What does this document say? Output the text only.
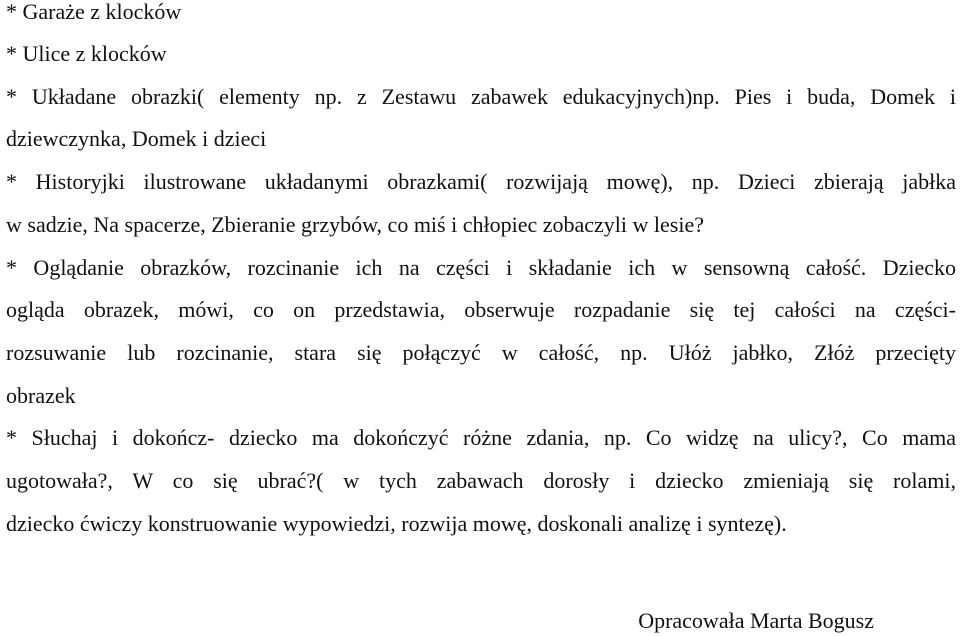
* Garaże z klocków
* Ulice z klocków
* Układane obrazki( elementy np. z Zestawu zabawek edukacyjnych)np. Pies i buda, Domek i
dziewczynka, Domek i dzieci
* Historyjki ilustrowane układanymi obrazkami( rozwijają mowę), np. Dzieci zbierają jabłka
w sadzie, Na spacerze, Zbieranie grzybów, co miś i chłopiec zobaczyli w lesie?
* Oglądanie obrazków, rozcinanie ich na części i składanie ich w sensowną całość. Dziecko
ogląda obrazek, mówi, co on przedstawia, obserwuje rozpadanie się tej całości na części-
rozsuwanie lub rozcinanie, stara się połączyć w całość, np. Ułóż jabłko, Złóż przecięty
obrazek
* Słuchaj i dokończ- dziecko ma dokończyć różne zdania, np. Co widzę na ulicy?, Co mama
ugotowała?, W co się ubrać?( w tych zabawach dorosły i dziecko zmieniają się rolami,
dziecko ćwiczy konstruowanie wypowiedzi, rozwija mowę, doskonali analizę i syntezę).
Opracowała Marta Bogusz
